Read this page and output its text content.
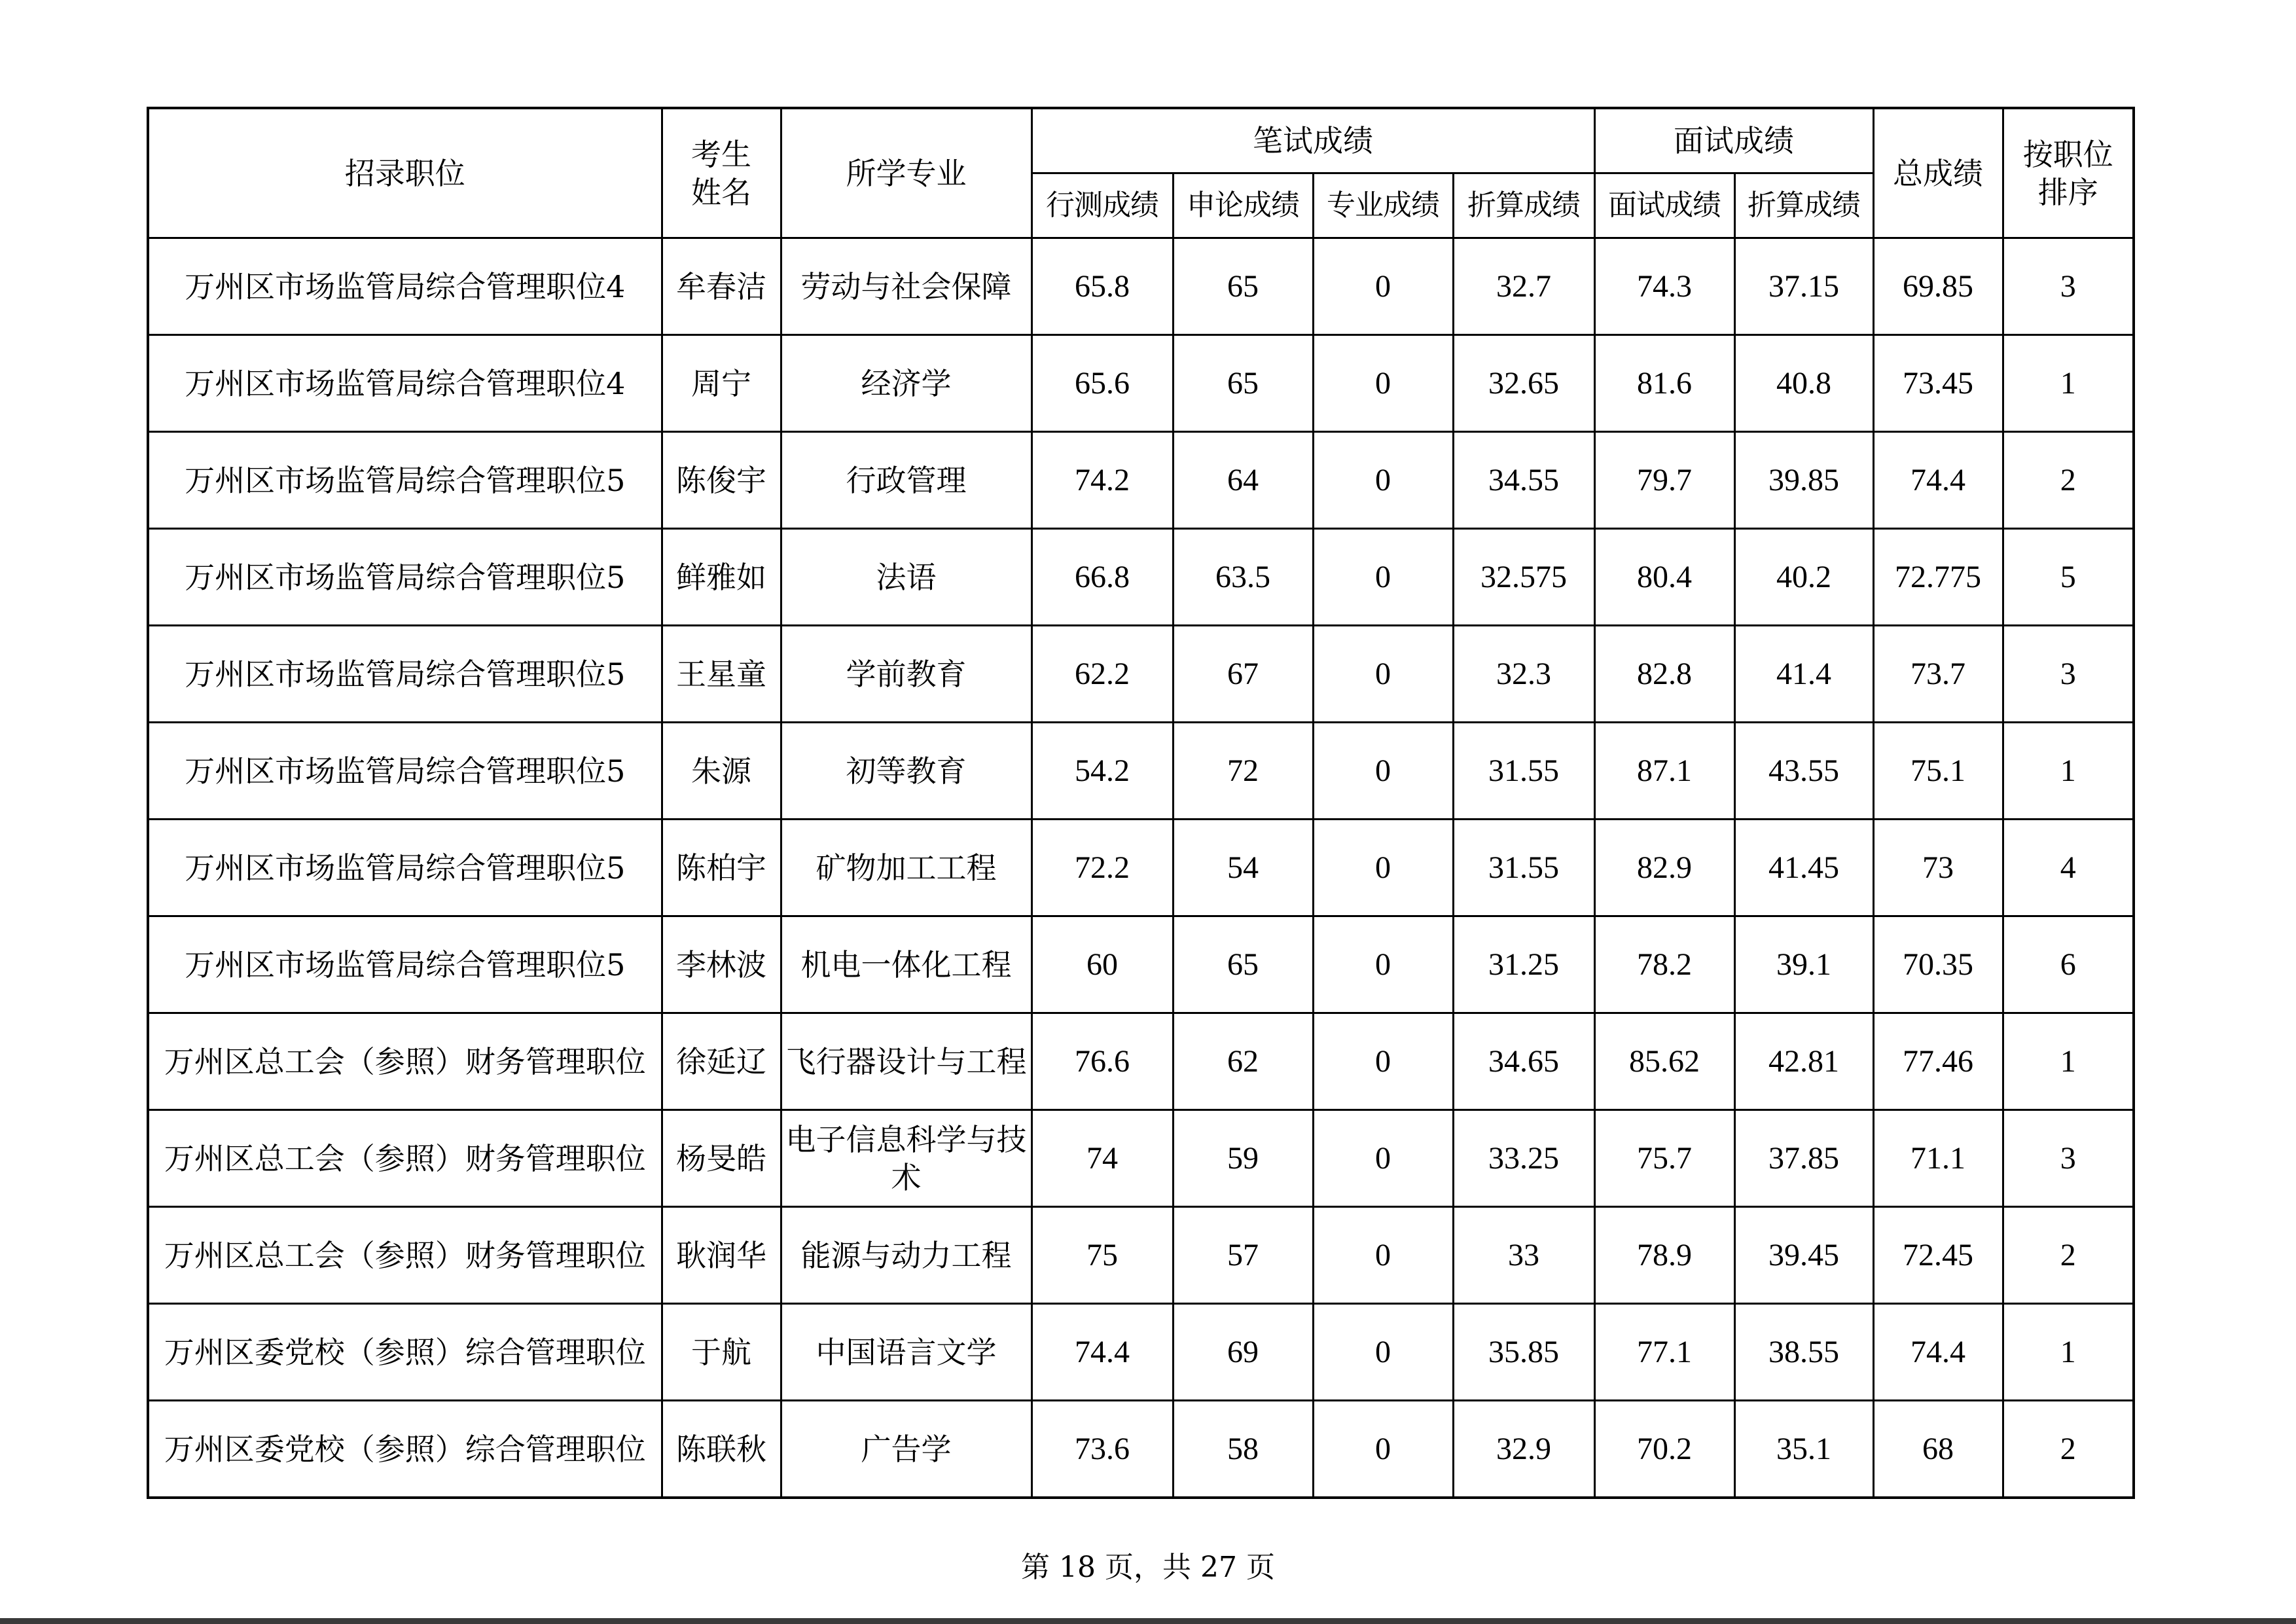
招录职位	考生姓名	所学专业	笔试成绩				面试成绩		总成绩	按职位排序
			行测成绩	申论成绩	专业成绩	折算成绩	面试成绩	折算成绩		
万州区市场监管局综合管理职位4	牟春洁	劳动与社会保障	65.8	65	0	32.7	74.3	37.15	69.85	3
万州区市场监管局综合管理职位4	周宁	经济学	65.6	65	0	32.65	81.6	40.8	73.45	1
万州区市场监管局综合管理职位5	陈俊宇	行政管理	74.2	64	0	34.55	79.7	39.85	74.4	2
万州区市场监管局综合管理职位5	鲜雅如	法语	66.8	63.5	0	32.575	80.4	40.2	72.775	5
万州区市场监管局综合管理职位5	王星童	学前教育	62.2	67	0	32.3	82.8	41.4	73.7	3
万州区市场监管局综合管理职位5	朱源	初等教育	54.2	72	0	31.55	87.1	43.55	75.1	1
万州区市场监管局综合管理职位5	陈柏宇	矿物加工工程	72.2	54	0	31.55	82.9	41.45	73	4
万州区市场监管局综合管理职位5	李林波	机电一体化工程	60	65	0	31.25	78.2	39.1	70.35	6
万州区总工会（参照）财务管理职位	徐延辽	飞行器设计与工程	76.6	62	0	34.65	85.62	42.81	77.46	1
万州区总工会（参照）财务管理职位	杨旻皓	电子信息科学与技术	74	59	0	33.25	75.7	37.85	71.1	3
万州区总工会（参照）财务管理职位	耿润华	能源与动力工程	75	57	0	33	78.9	39.45	72.45	2
万州区委党校（参照）综合管理职位	于航	中国语言文学	74.4	69	0	35.85	77.1	38.55	74.4	1
万州区委党校（参照）综合管理职位	陈联秋	广告学	73.6	58	0	32.9	70.2	35.1	68	2
第 18 页，共 27 页
